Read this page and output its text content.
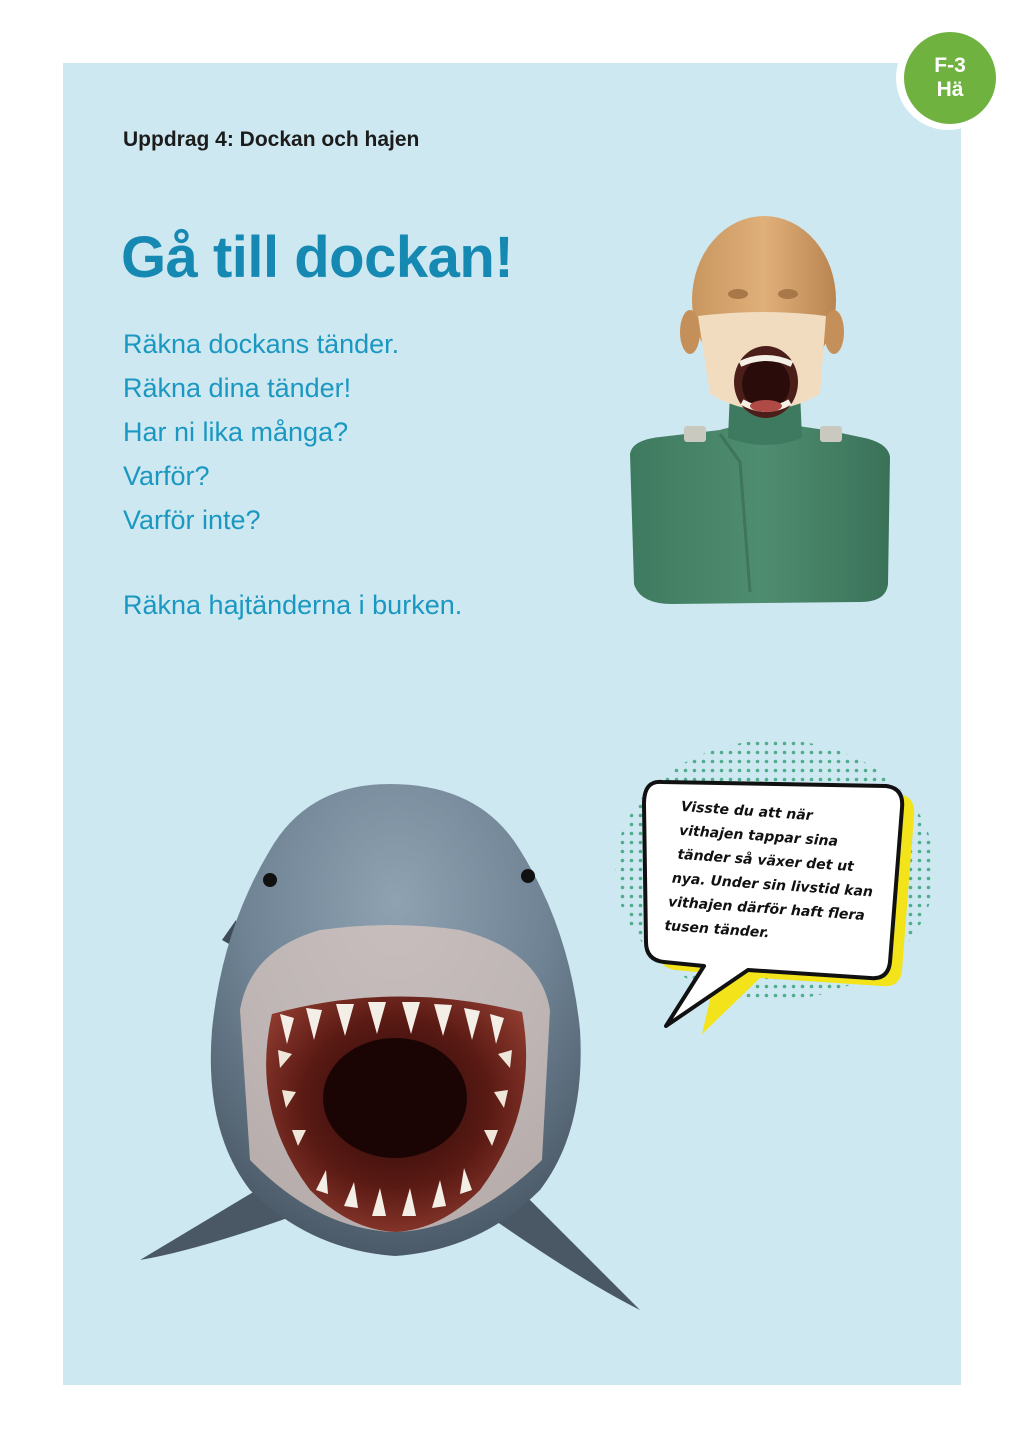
F-3
Hä
Uppdrag 4: Dockan och hajen
Gå till dockan!
Räkna dockans tänder.
Räkna dina tänder!
Har ni lika många?
Varför?
Varför inte?
Räkna hajtänderna i burken.
Visste du att när
vithajen tappar sina
tänder så växer det ut
nya. Under sin livstid kan
vithajen därför haft flera
tusen tänder.
